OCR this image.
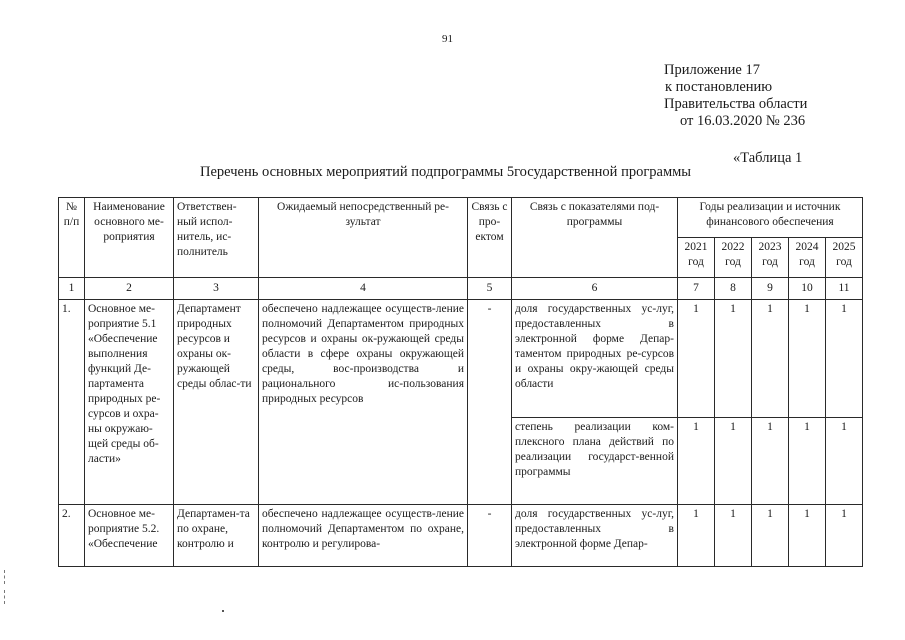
91
Приложение 17
к постановлению
Правительства области
от 16.03.2020 № 236
«Таблица 1
Перечень основных мероприятий подпрограммы 5государственной программы
№ п/п	Наименование основного ме-роприятия	Ответствен-ный испол-нитель, ис-полнитель	Ожидаемый непосредственный ре-зультат	Связь с про-ектом	Связь с показателями под-программы	Годы реализации и источник финансового обеспечения				
						2021 год	2022 год	2023 год	2024 год	2025 год
1	2	3	4	5	6	7	8	9	10	11
1.	Основное ме-роприятие 5.1 «Обеспечение выполнения функций Де-партамента природных ре-сурсов и охра-ны окружаю-щей среды об-ласти»	Департамент природных ресурсов и охраны ок-ружающей среды облас-ти	обеспечено надлежащее осуществ-ление полномочий Департаментом природных ресурсов и охраны ок-ружающей среды области в сфере охраны окружающей среды, вос-производства и рационального ис-пользования природных ресурсов	-	доля государственных ус-луг, предоставленных в электронной форме Депар-таментом природных ре-сурсов и охраны окру-жающей среды области	1	1	1	1	1
					степень реализации ком-плексного плана действий по реализации государст-венной программы	1	1	1	1	1
2.	Основное ме-роприятие 5.2. «Обеспечение	Департамен-та по охране, контролю и	обеспечено надлежащее осуществ-ление полномочий Департаментом по охране, контролю и регулирова-	-	доля государственных ус-луг, предоставленных в электронной форме Депар-	1	1	1	1	1
